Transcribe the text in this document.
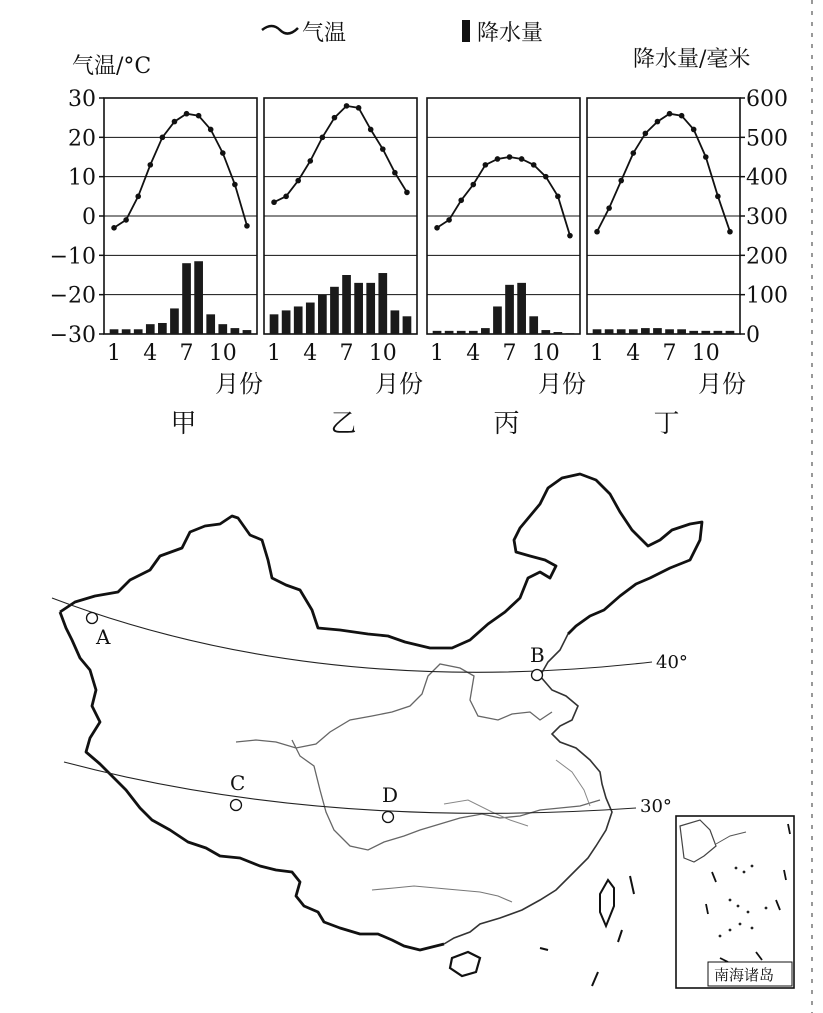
气温	降水量
气温/°C	降水量/毫米
30
20
10
0
−10
−20
−30
600
500
400
300
200
100
0
1 4 7 10
月份
甲
1 4 7 10
月份
乙
1 4 7 10
月份
丙
1 4 7 10
月份
丁
40°
30°
A
B
C	D
南海诸岛
